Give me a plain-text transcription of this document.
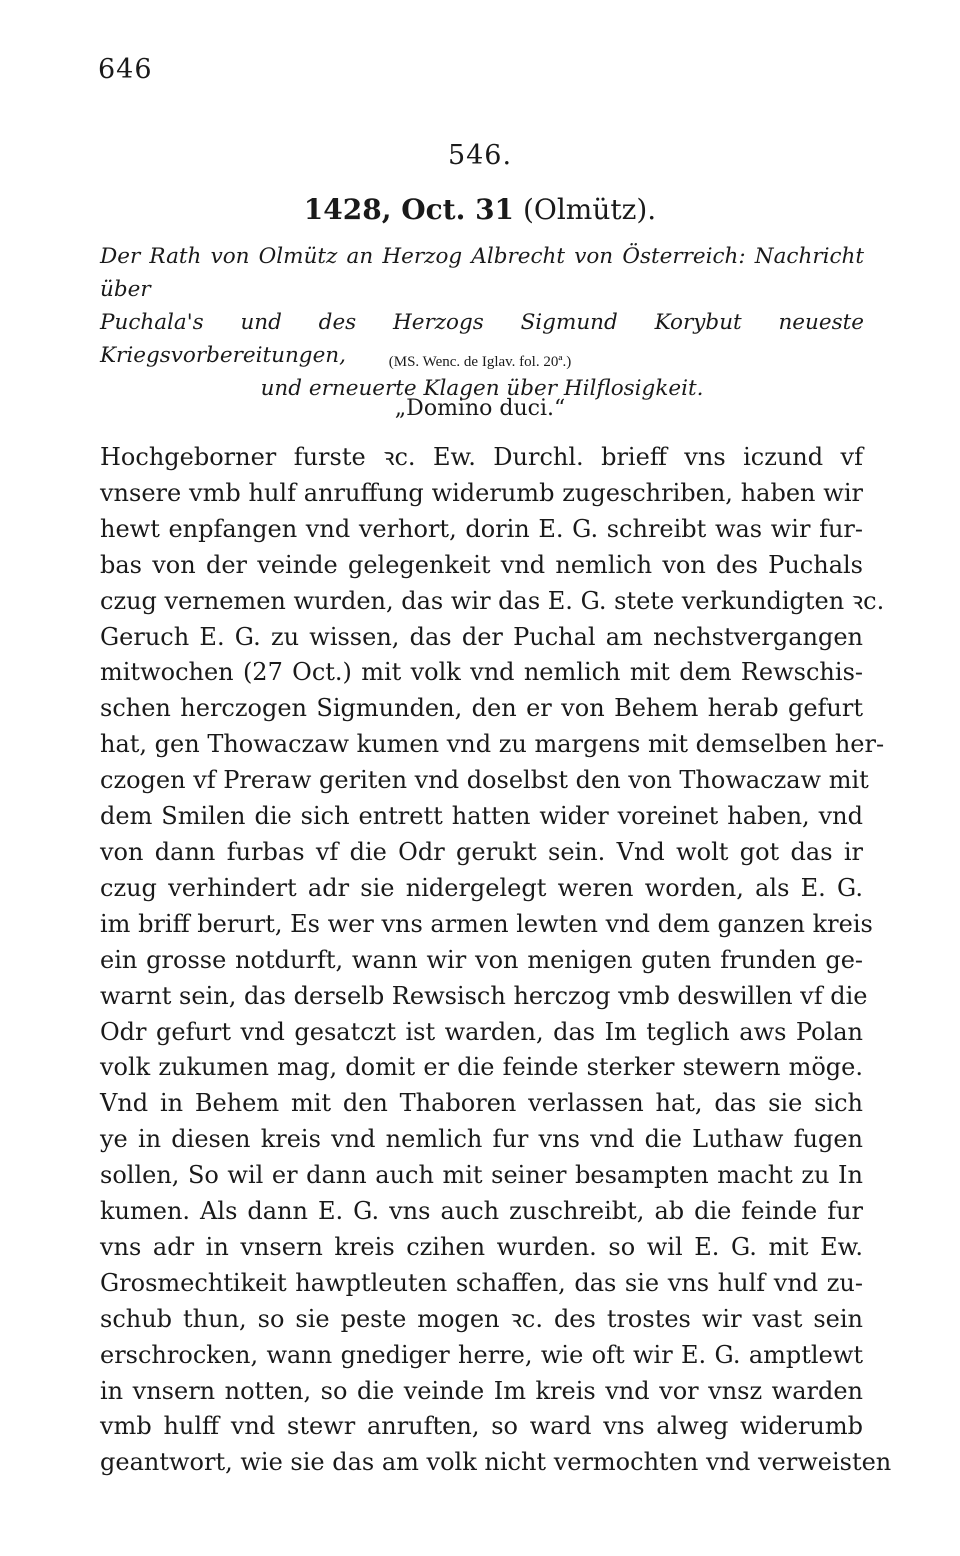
646
546.
1428, Oct. 31 (Olmütz).
Der Rath von Olmütz an Herzog Albrecht von Österreich: Nachricht über
Puchala's und des Herzogs Sigmund Korybut neueste Kriegsvorbereitungen,
und erneuerte Klagen über Hilflosigkeit.
(MS. Wenc. de Iglav. fol. 20ª.)
„Domino duci.“
Hochgeborner furste ꝛc. Ew. Durchl. brieff vns iczund vf
vnsere vmb hulf anruffung widerumb zugeschriben, haben wir
hewt enpfangen vnd verhort, dorin E. G. schreibt was wir fur-
bas von der veinde gelegenkeit vnd nemlich von des Puchals
czug vernemen wurden, das wir das E. G. stete verkundigten ꝛc.
Geruch E. G. zu wissen, das der Puchal am nechstvergangen
mitwochen (27 Oct.) mit volk vnd nemlich mit dem Rewschis-
schen herczogen Sigmunden, den er von Behem herab gefurt
hat, gen Thowaczaw kumen vnd zu margens mit demselben her-
czogen vf Preraw geriten vnd doselbst den von Thowaczaw mit
dem Smilen die sich entrett hatten wider voreinet haben, vnd
von dann furbas vf die Odr gerukt sein. Vnd wolt got das ir
czug verhindert adr sie nidergelegt weren worden, als E. G.
im briff berurt, Es wer vns armen lewten vnd dem ganzen kreis
ein grosse notdurft, wann wir von menigen guten frunden ge-
warnt sein, das derselb Rewsisch herczog vmb deswillen vf die
Odr gefurt vnd gesatczt ist warden, das Im teglich aws Polan
volk zukumen mag, domit er die feinde sterker stewern möge.
Vnd in Behem mit den Thaboren verlassen hat, das sie sich
ye in diesen kreis vnd nemlich fur vns vnd die Luthaw fugen
sollen, So wil er dann auch mit seiner besampten macht zu In
kumen. Als dann E. G. vns auch zuschreibt, ab die feinde fur
vns adr in vnsern kreis czihen wurden. so wil E. G. mit Ew.
Grosmechtikeit hawptleuten schaffen, das sie vns hulf vnd zu-
schub thun, so sie peste mogen ꝛc. des trostes wir vast sein
erschrocken, wann gnediger herre, wie oft wir E. G. amptlewt
in vnsern notten, so die veinde Im kreis vnd vor vnsz warden
vmb hulff vnd stewr anruften, so ward vns alweg widerumb
geantwort, wie sie das am volk nicht vermochten vnd verweisten
